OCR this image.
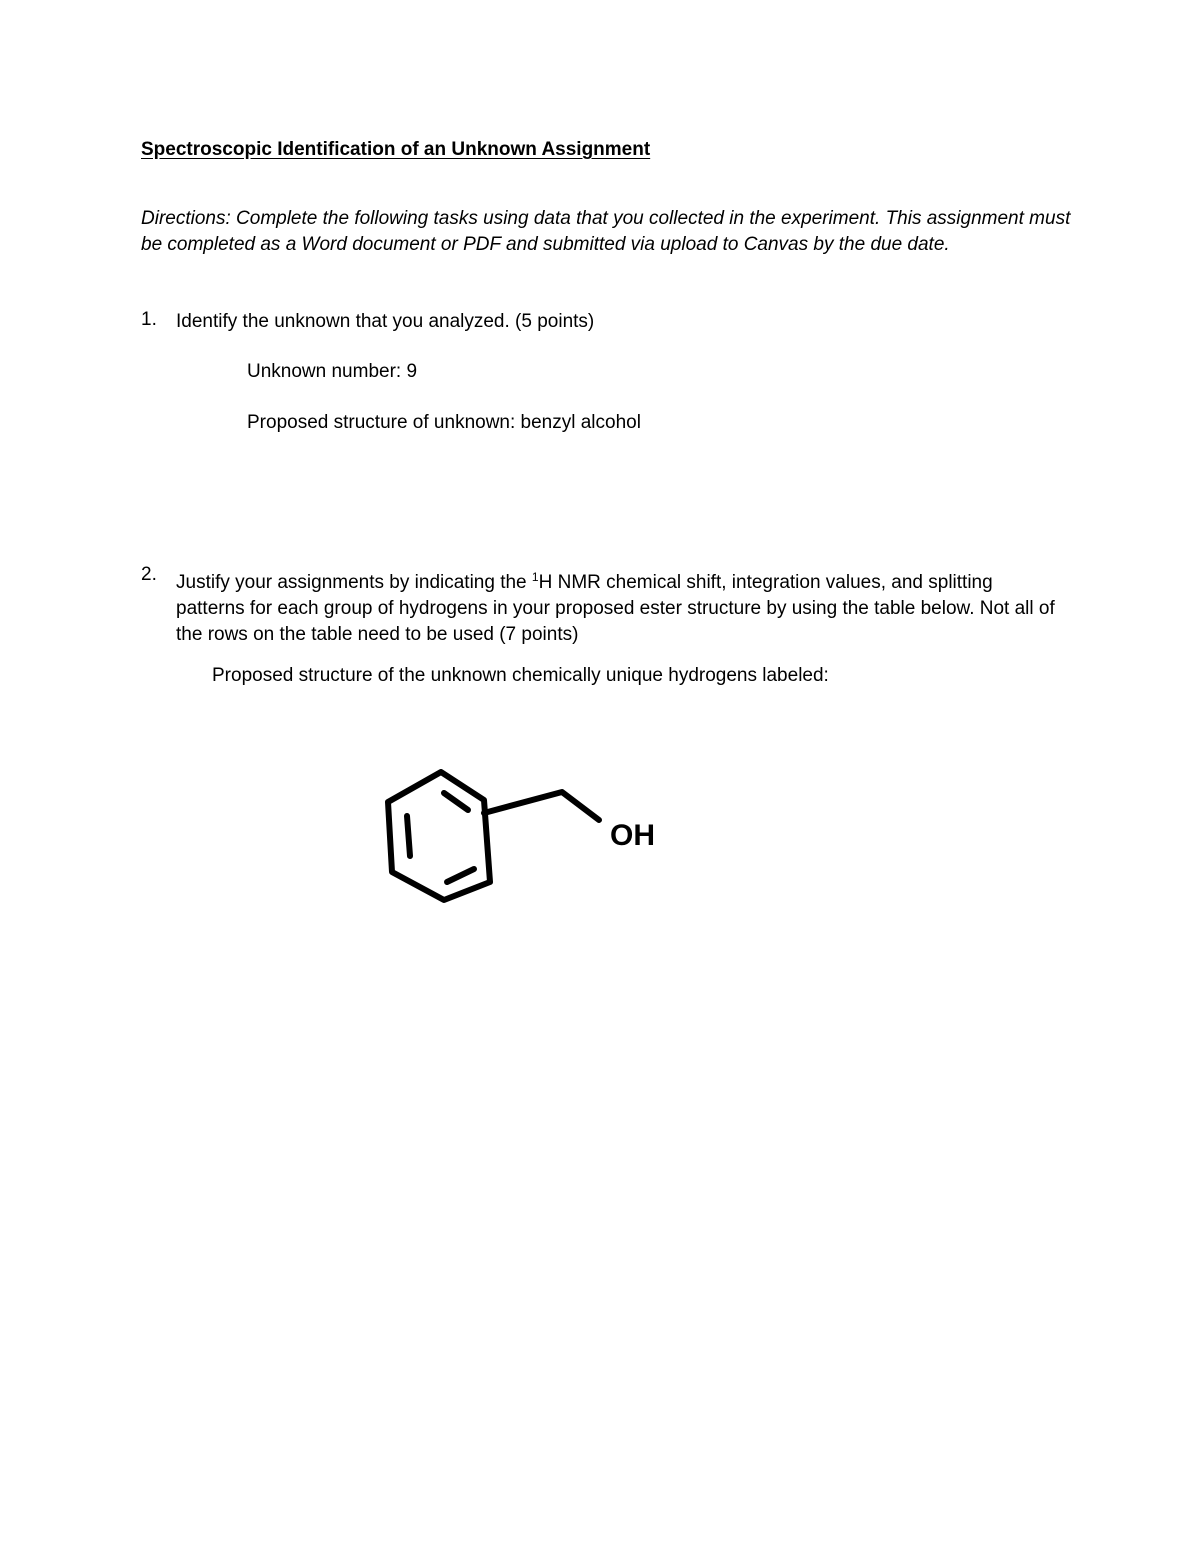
Spectroscopic Identification of an Unknown Assignment
Directions: Complete the following tasks using data that you collected in the experiment. This assignment must be completed as a Word document or PDF and submitted via upload to Canvas by the due date.
1. Identify the unknown that you analyzed. (5 points)
Unknown number: 9
Proposed structure of unknown: benzyl alcohol
2. Justify your assignments by indicating the $^1$H NMR chemical shift, integration values, and splitting patterns for each group of hydrogens in your proposed ester structure by using the table below. Not all of the rows on the table need to be used (7 points)
Proposed structure of the unknown chemically unique hydrogens labeled:
OH
